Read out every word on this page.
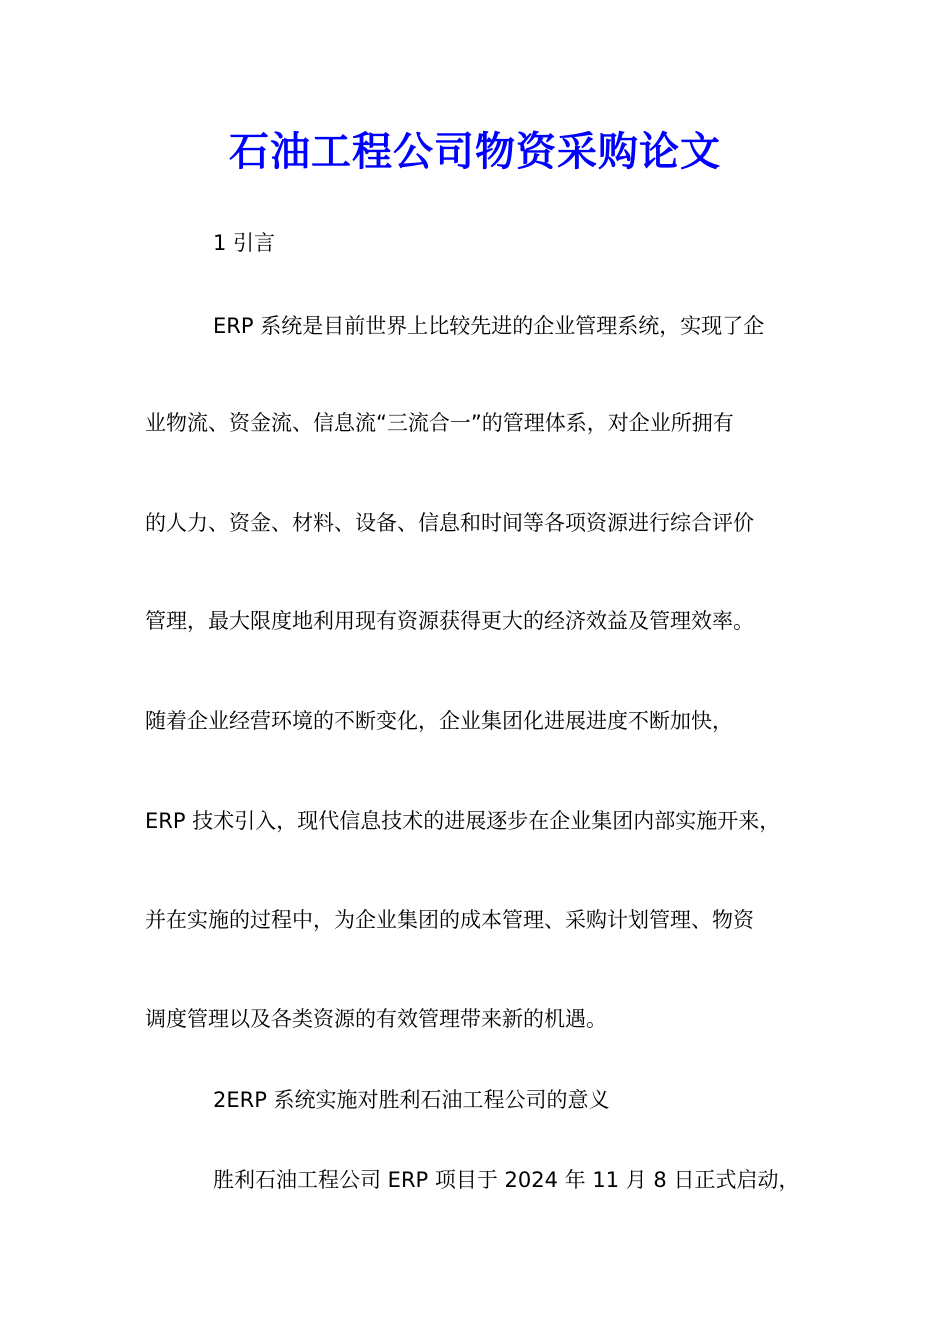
石油工程公司物资采购论文
1 引言
ERP 系统是目前世界上比较先进的企业管理系统，实现了企
业物流、资金流、信息流“三流合一”的管理体系，对企业所拥有
的人力、资金、材料、设备、信息和时间等各项资源进行综合评价
管理，最大限度地利用现有资源获得更大的经济效益及管理效率。
随着企业经营环境的不断变化，企业集团化进展进度不断加快，
ERP 技术引入，现代信息技术的进展逐步在企业集团内部实施开来，
并在实施的过程中，为企业集团的成本管理、采购计划管理、物资
调度管理以及各类资源的有效管理带来新的机遇。
2ERP 系统实施对胜利石油工程公司的意义
胜利石油工程公司 ERP 项目于 2024 年 11 月 8 日正式启动，
